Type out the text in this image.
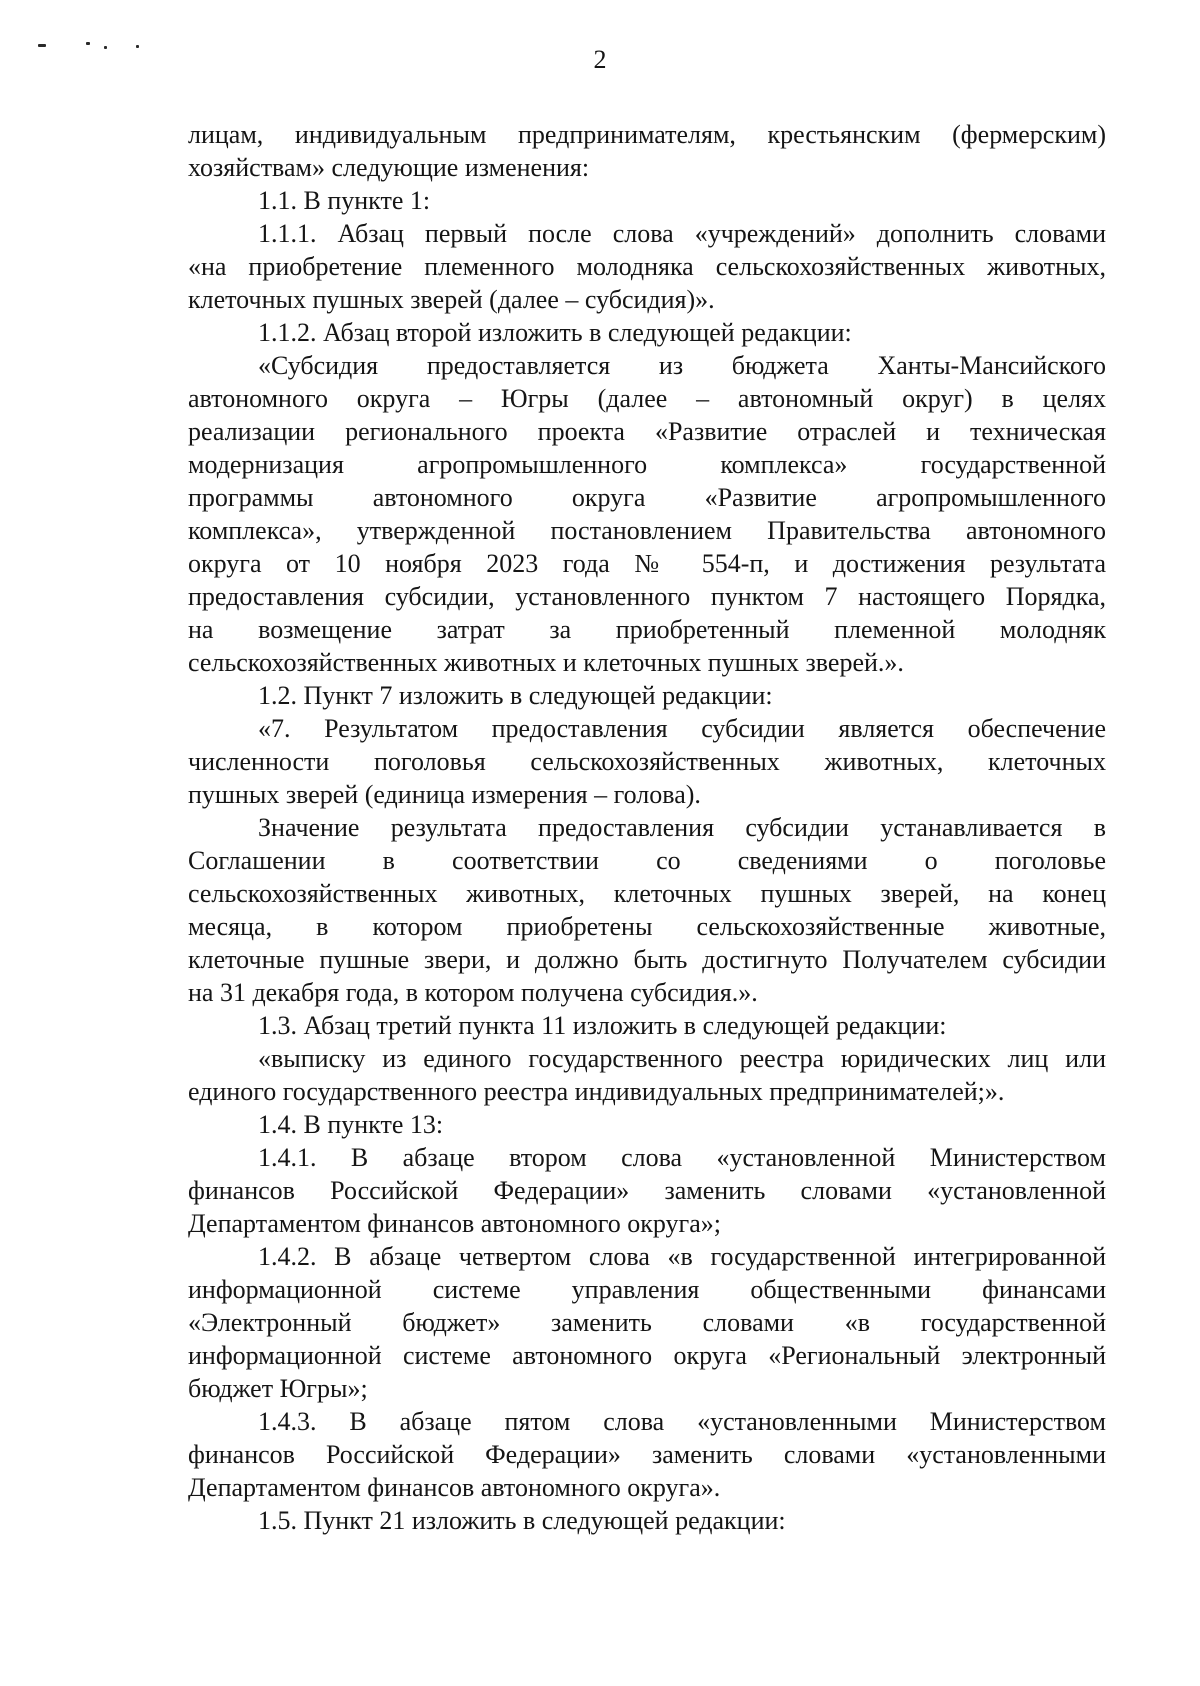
2

лицам, индивидуальным предпринимателям, крестьянским (фермерским)
хозяйствам» следующие изменения:

1.1. В пункте 1:

1.1.1. Абзац первый после слова «учреждений» дополнить словами
«на приобретение племенного молодняка сельскохозяйственных животных,
клеточных пушных зверей (далее – субсидия)».

1.1.2. Абзац второй изложить в следующей редакции:

«Субсидия предоставляется из бюджета Ханты-Мансийского
автономного округа – Югры (далее – автономный округ) в целях
реализации регионального проекта «Развитие отраслей и техническая
модернизация агропромышленного комплекса» государственной
программы автономного округа «Развитие агропромышленного
комплекса», утвержденной постановлением Правительства автономного
округа от 10 ноября 2023 года № 554-п, и достижения результата
предоставления субсидии, установленного пунктом 7 настоящего Порядка,
на возмещение затрат за приобретенный племенной молодняк
сельскохозяйственных животных и клеточных пушных зверей.».

1.2. Пункт 7 изложить в следующей редакции:

«7. Результатом предоставления субсидии является обеспечение
численности поголовья сельскохозяйственных животных, клеточных
пушных зверей (единица измерения – голова).

Значение результата предоставления субсидии устанавливается в
Соглашении в соответствии со сведениями о поголовье
сельскохозяйственных животных, клеточных пушных зверей, на конец
месяца, в котором приобретены сельскохозяйственные животные,
клеточные пушные звери, и должно быть достигнуто Получателем субсидии
на 31 декабря года, в котором получена субсидия.».

1.3. Абзац третий пункта 11 изложить в следующей редакции:

«выписку из единого государственного реестра юридических лиц или
единого государственного реестра индивидуальных предпринимателей;».

1.4. В пункте 13:

1.4.1. В абзаце втором слова «установленной Министерством
финансов Российской Федерации» заменить словами «установленной
Департаментом финансов автономного округа»;

1.4.2. В абзаце четвертом слова «в государственной интегрированной
информационной системе управления общественными финансами
«Электронный бюджет» заменить словами «в государственной
информационной системе автономного округа «Региональный электронный
бюджет Югры»;

1.4.3. В абзаце пятом слова «установленными Министерством
финансов Российской Федерации» заменить словами «установленными
Департаментом финансов автономного округа».

1.5. Пункт 21 изложить в следующей редакции:
